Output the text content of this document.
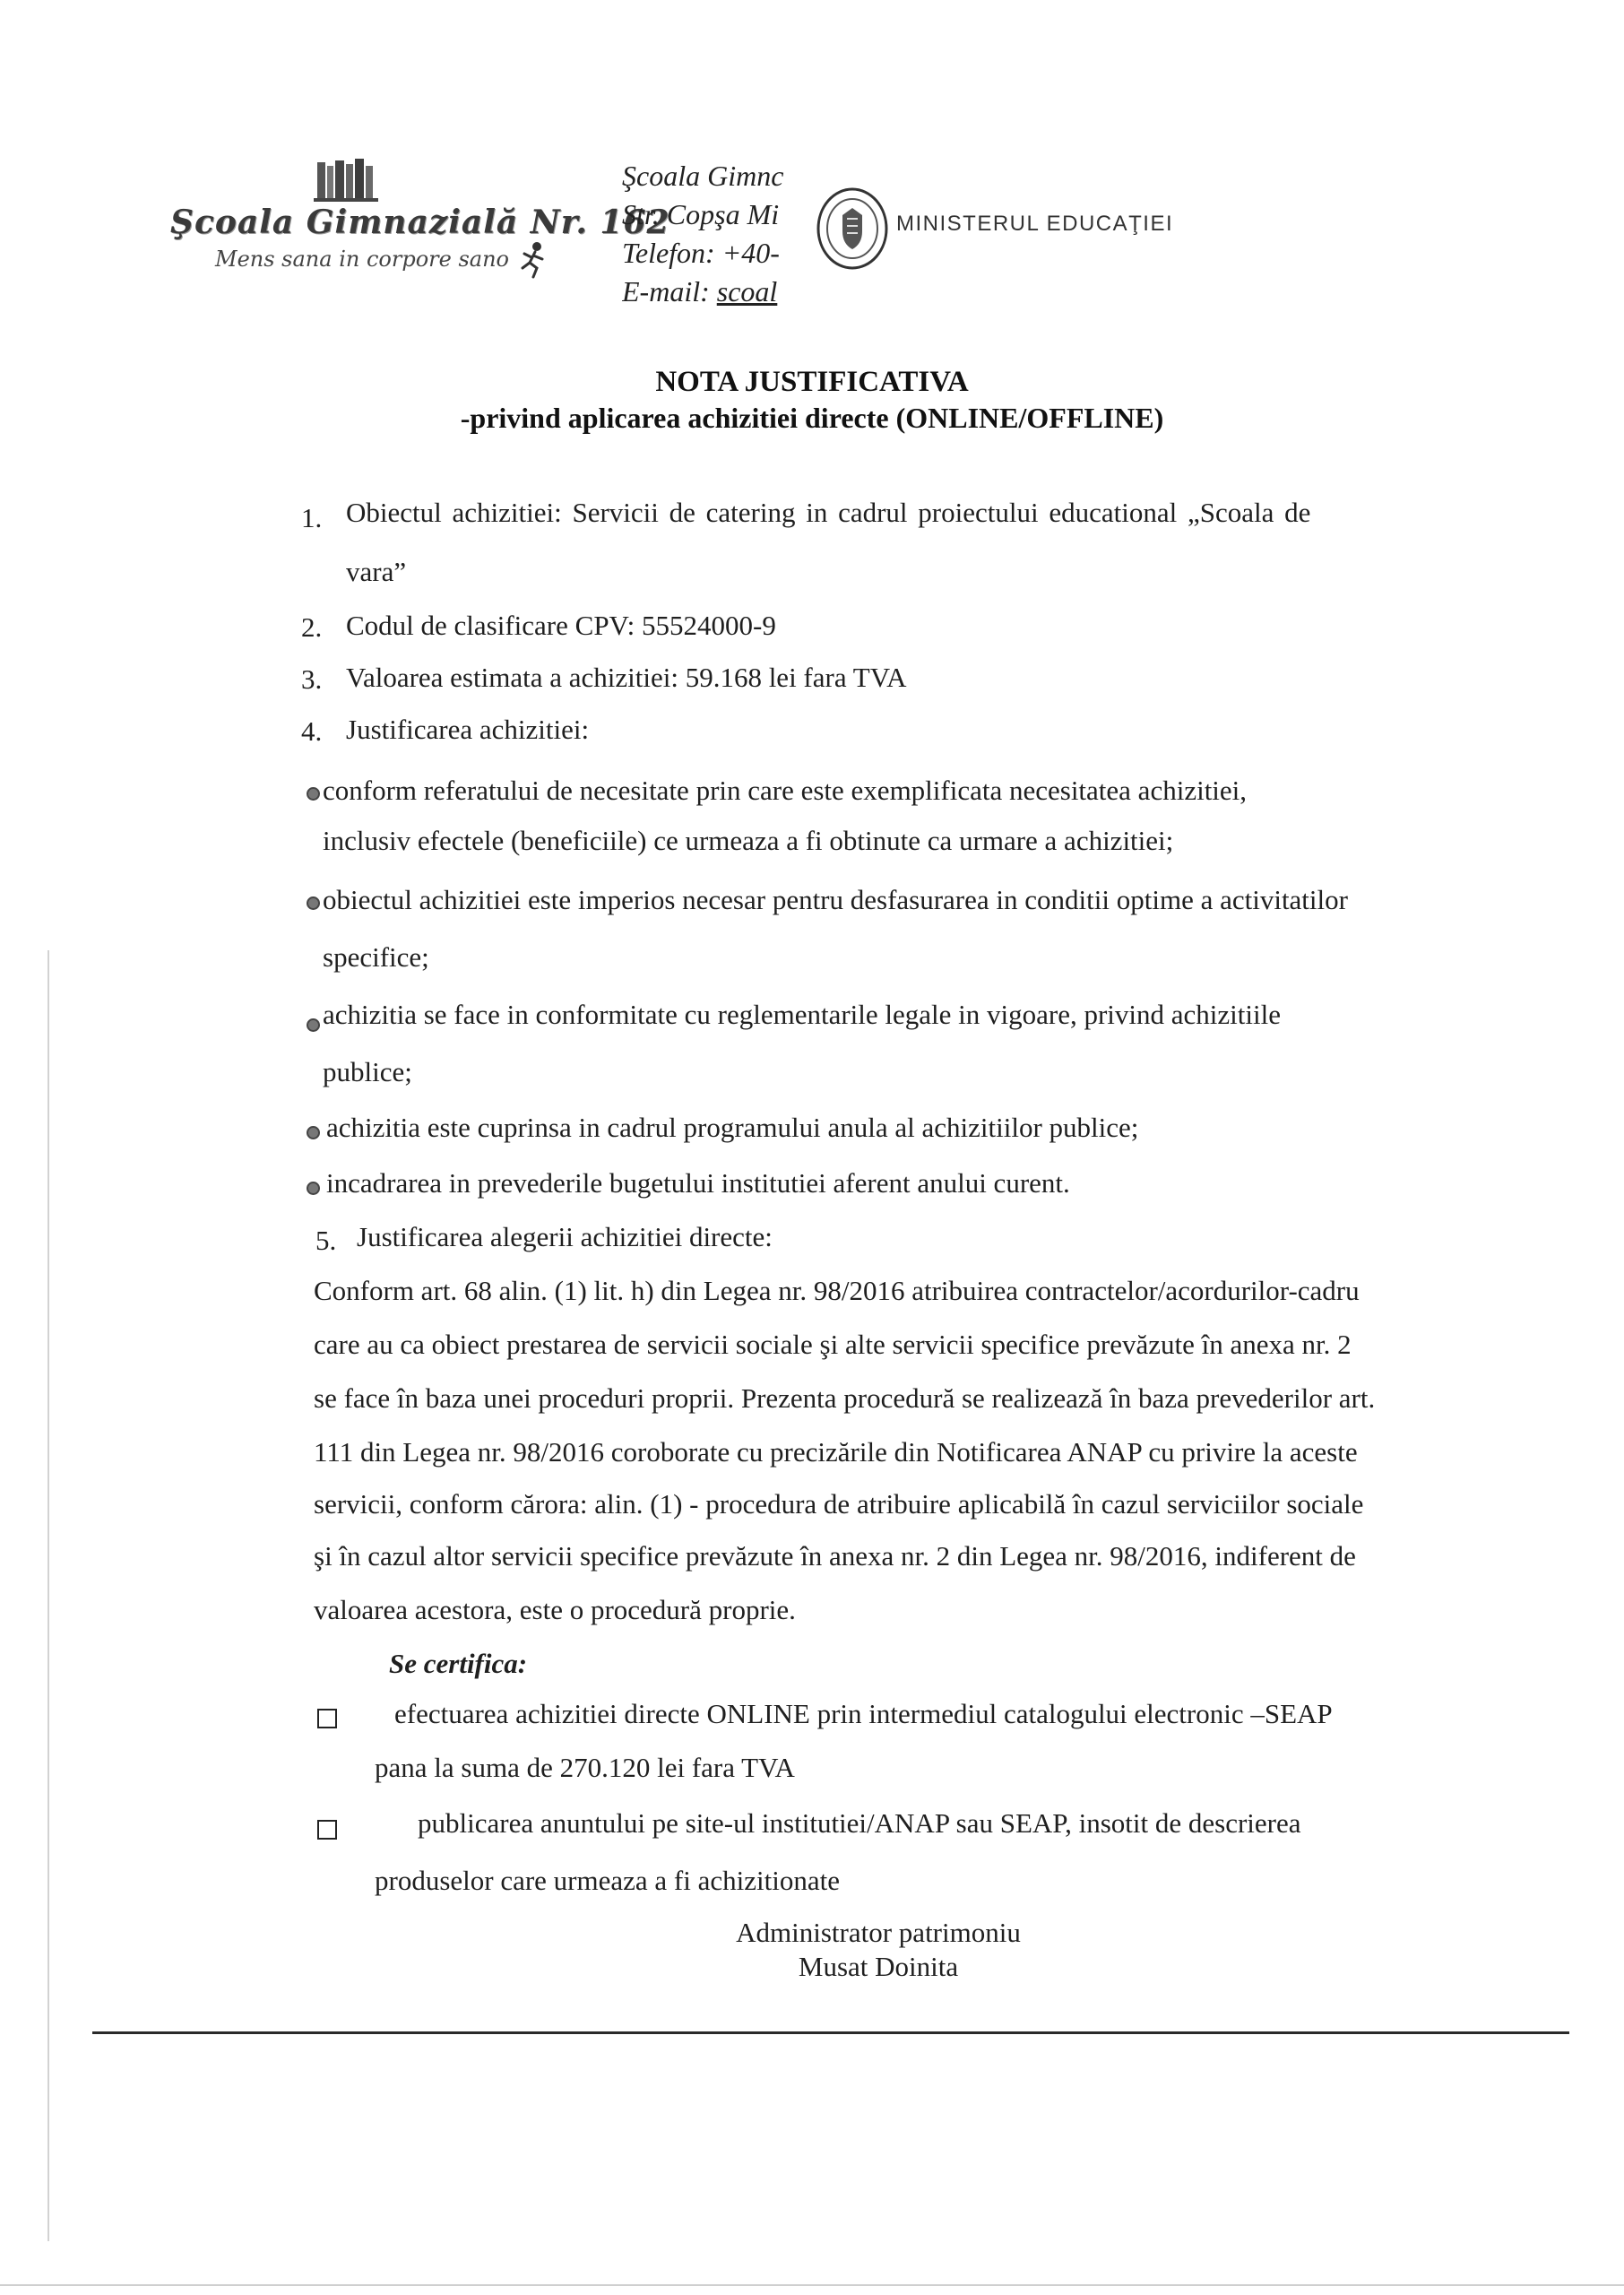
Şcoala Gimnazială Nr. 162
Mens sana in corpore sano
Şcoala Gimnc
Str. Copşa Mi
Telefon: +40-
E-mail: scoal
MINISTERUL EDUCAŢIEI
NOTA JUSTIFICATIVA
-privind aplicarea achizitiei directe (ONLINE/OFFLINE)
1. Obiectul achizitiei: Servicii de catering in cadrul proiectului educational „Scoala de
vara”
2. Codul de clasificare CPV: 55524000-9
3. Valoarea estimata a achizitiei: 59.168 lei fara TVA
4. Justificarea achizitiei:
conform referatului de necesitate prin care este exemplificata necesitatea achizitiei,
inclusiv efectele (beneficiile) ce urmeaza a fi obtinute ca urmare a achizitiei;
obiectul achizitiei este imperios necesar pentru desfasurarea in conditii optime a activitatilor
specifice;
achizitia se face in conformitate cu reglementarile legale in vigoare, privind achizitiile
publice;
achizitia este cuprinsa in cadrul programului anula al achizitiilor publice;
incadrarea in prevederile bugetului institutiei aferent anului curent.
5. Justificarea alegerii achizitiei directe:
Conform art. 68 alin. (1) lit. h) din Legea nr. 98/2016 atribuirea contractelor/acordurilor-cadru
care au ca obiect prestarea de servicii sociale şi alte servicii specifice prevăzute în anexa nr. 2
se face în baza unei proceduri proprii. Prezenta procedură se realizează în baza prevederilor art.
111 din Legea nr. 98/2016 coroborate cu precizările din Notificarea ANAP cu privire la aceste
servicii, conform cărora: alin. (1) - procedura de atribuire aplicabilă în cazul serviciilor sociale
şi în cazul altor servicii specifice prevăzute în anexa nr. 2 din Legea nr. 98/2016, indiferent de
valoarea acestora, este o procedură proprie.
Se certifica:
efectuarea achizitiei directe ONLINE prin intermediul catalogului electronic –SEAP
pana la suma de 270.120 lei fara TVA
publicarea anuntului pe site-ul institutiei/ANAP sau SEAP, insotit de descrierea
produselor care urmeaza a fi achizitionate
Administrator patrimoniu
Musat Doinita
